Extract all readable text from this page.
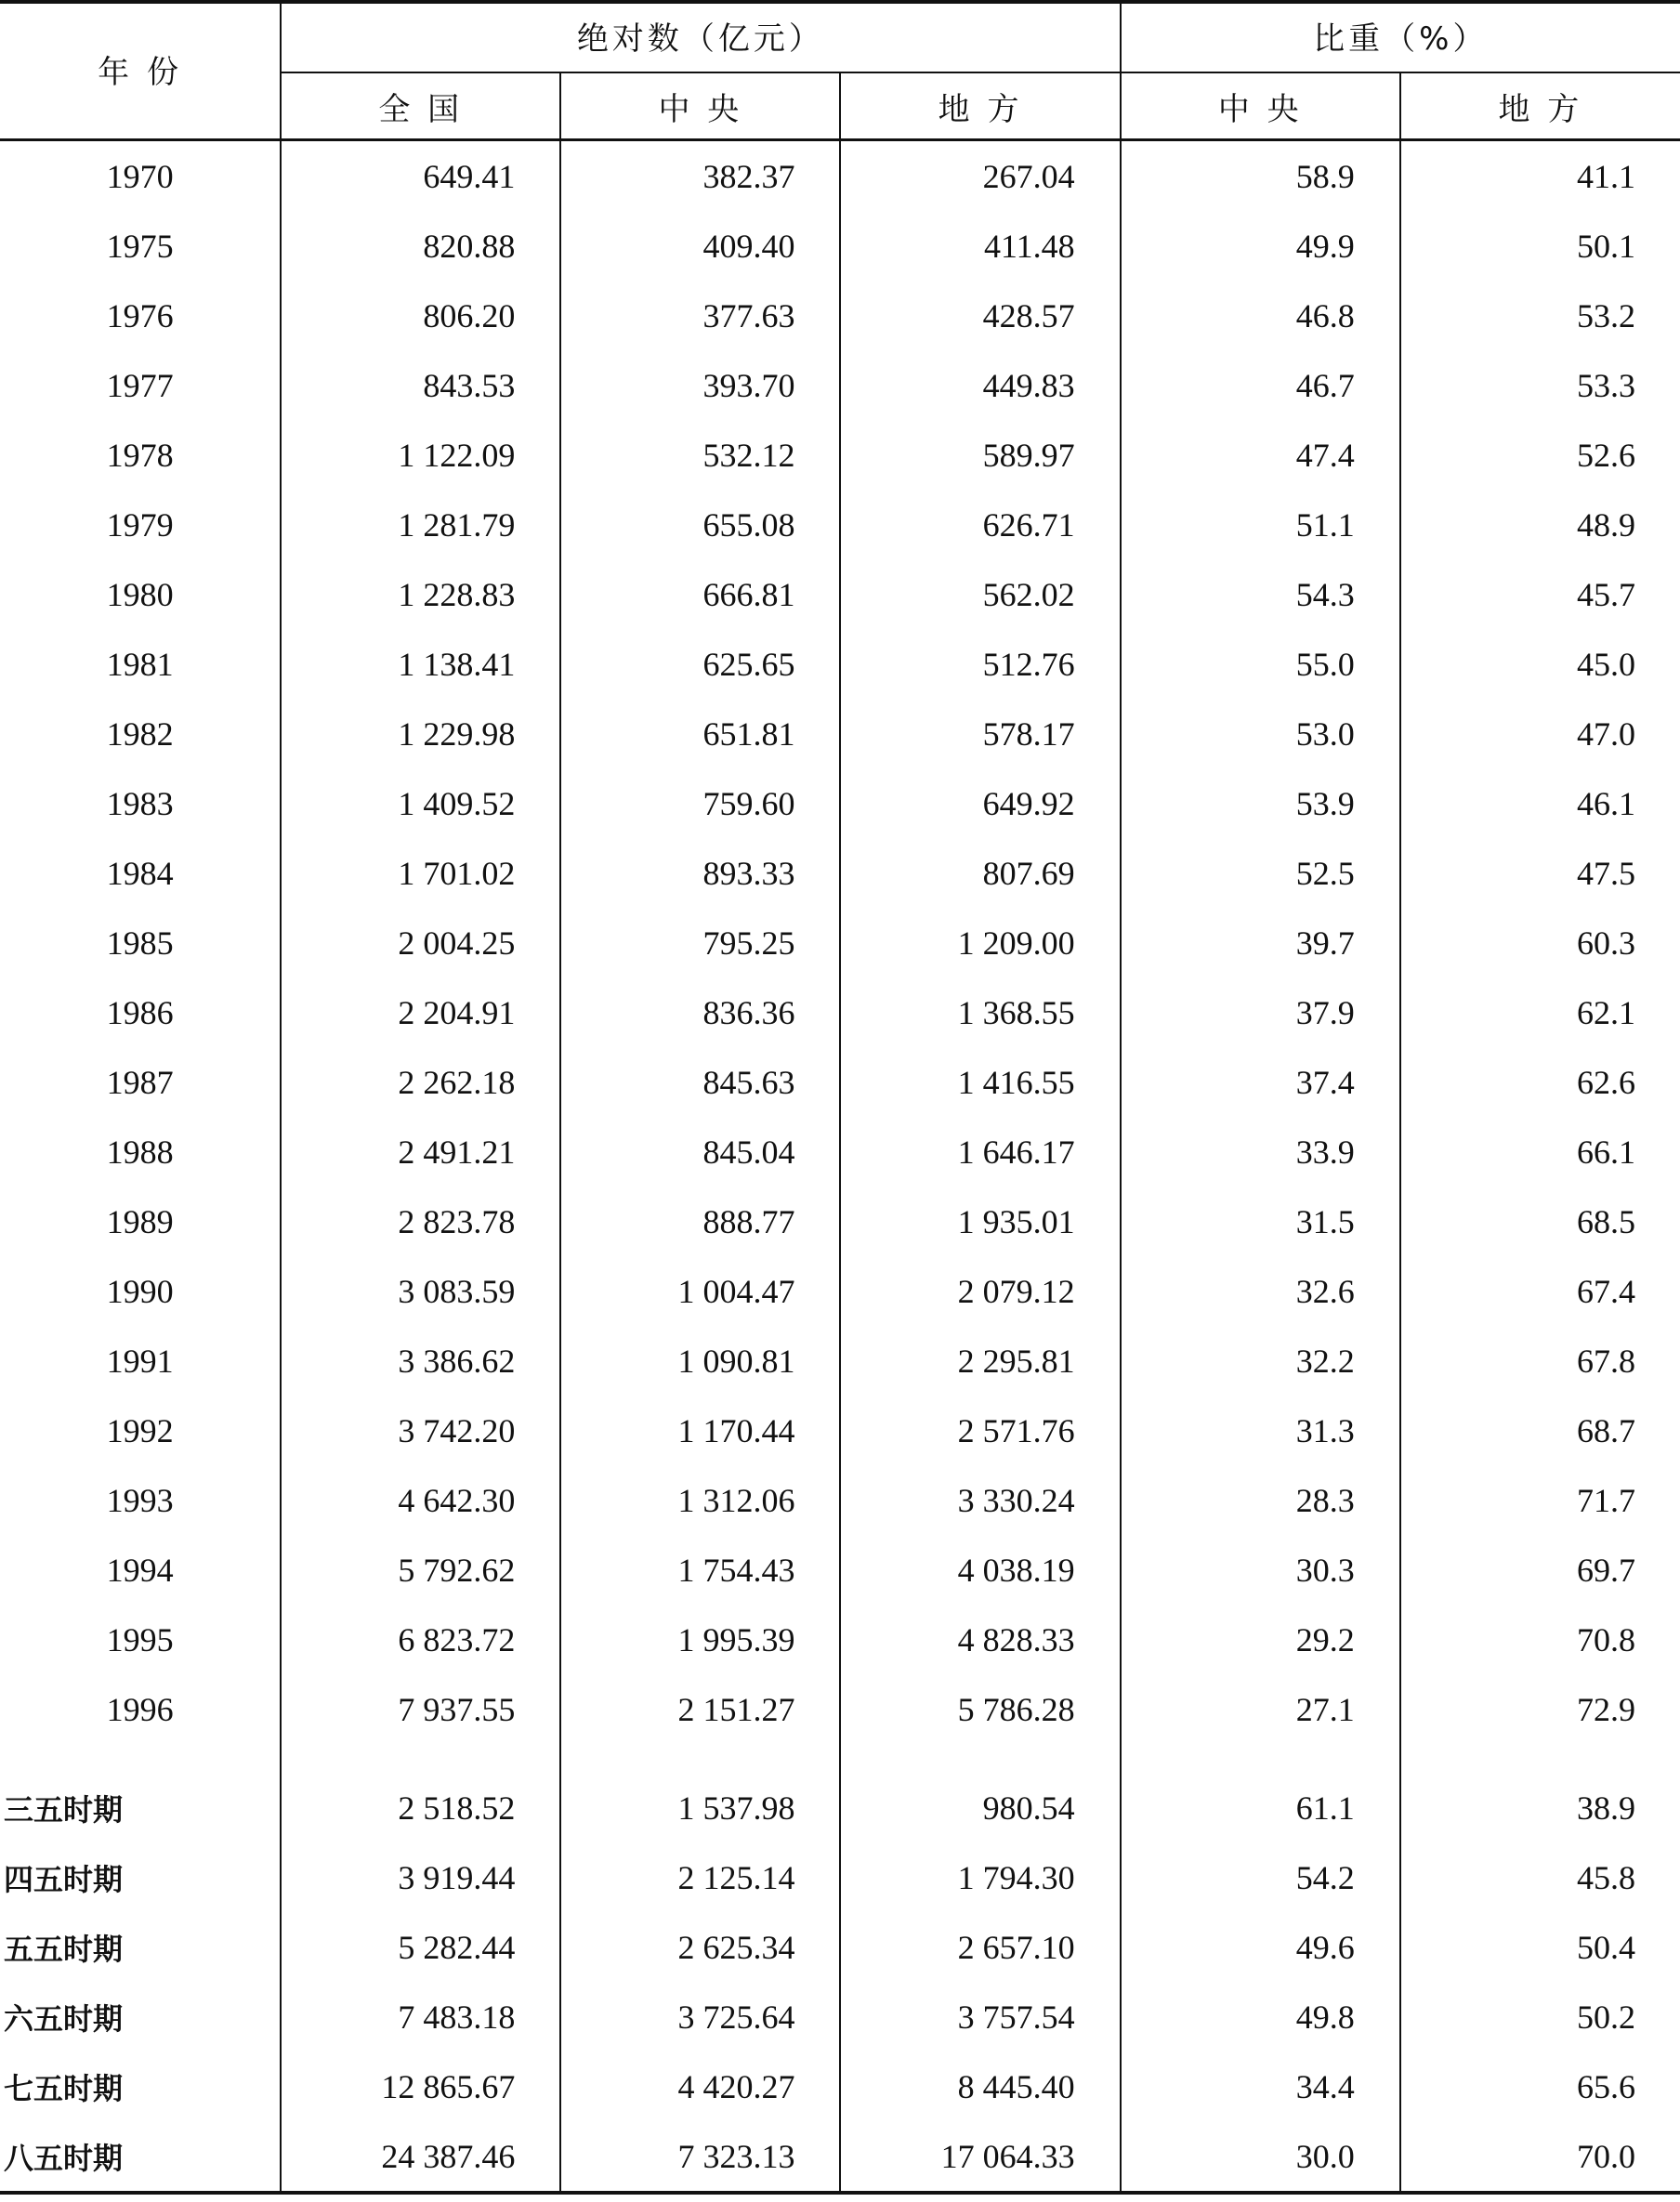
年 份	绝对数（亿元）			比重（%）	
	全 国	中 央	地 方	中 央	地 方
1970	649.41	382.37	267.04	58.9	41.1
1975	820.88	409.40	411.48	49.9	50.1
1976	806.20	377.63	428.57	46.8	53.2
1977	843.53	393.70	449.83	46.7	53.3
1978	1 122.09	532.12	589.97	47.4	52.6
1979	1 281.79	655.08	626.71	51.1	48.9
1980	1 228.83	666.81	562.02	54.3	45.7
1981	1 138.41	625.65	512.76	55.0	45.0
1982	1 229.98	651.81	578.17	53.0	47.0
1983	1 409.52	759.60	649.92	53.9	46.1
1984	1 701.02	893.33	807.69	52.5	47.5
1985	2 004.25	795.25	1 209.00	39.7	60.3
1986	2 204.91	836.36	1 368.55	37.9	62.1
1987	2 262.18	845.63	1 416.55	37.4	62.6
1988	2 491.21	845.04	1 646.17	33.9	66.1
1989	2 823.78	888.77	1 935.01	31.5	68.5
1990	3 083.59	1 004.47	2 079.12	32.6	67.4
1991	3 386.62	1 090.81	2 295.81	32.2	67.8
1992	3 742.20	1 170.44	2 571.76	31.3	68.7
1993	4 642.30	1 312.06	3 330.24	28.3	71.7
1994	5 792.62	1 754.43	4 038.19	30.3	69.7
1995	6 823.72	1 995.39	4 828.33	29.2	70.8
1996	7 937.55	2 151.27	5 786.28	27.1	72.9

三五时期	2 518.52	1 537.98	980.54	61.1	38.9
四五时期	3 919.44	2 125.14	1 794.30	54.2	45.8
五五时期	5 282.44	2 625.34	2 657.10	49.6	50.4
六五时期	7 483.18	3 725.64	3 757.54	49.8	50.2
七五时期	12 865.67	4 420.27	8 445.40	34.4	65.6
八五时期	24 387.46	7 323.13	17 064.33	30.0	70.0
